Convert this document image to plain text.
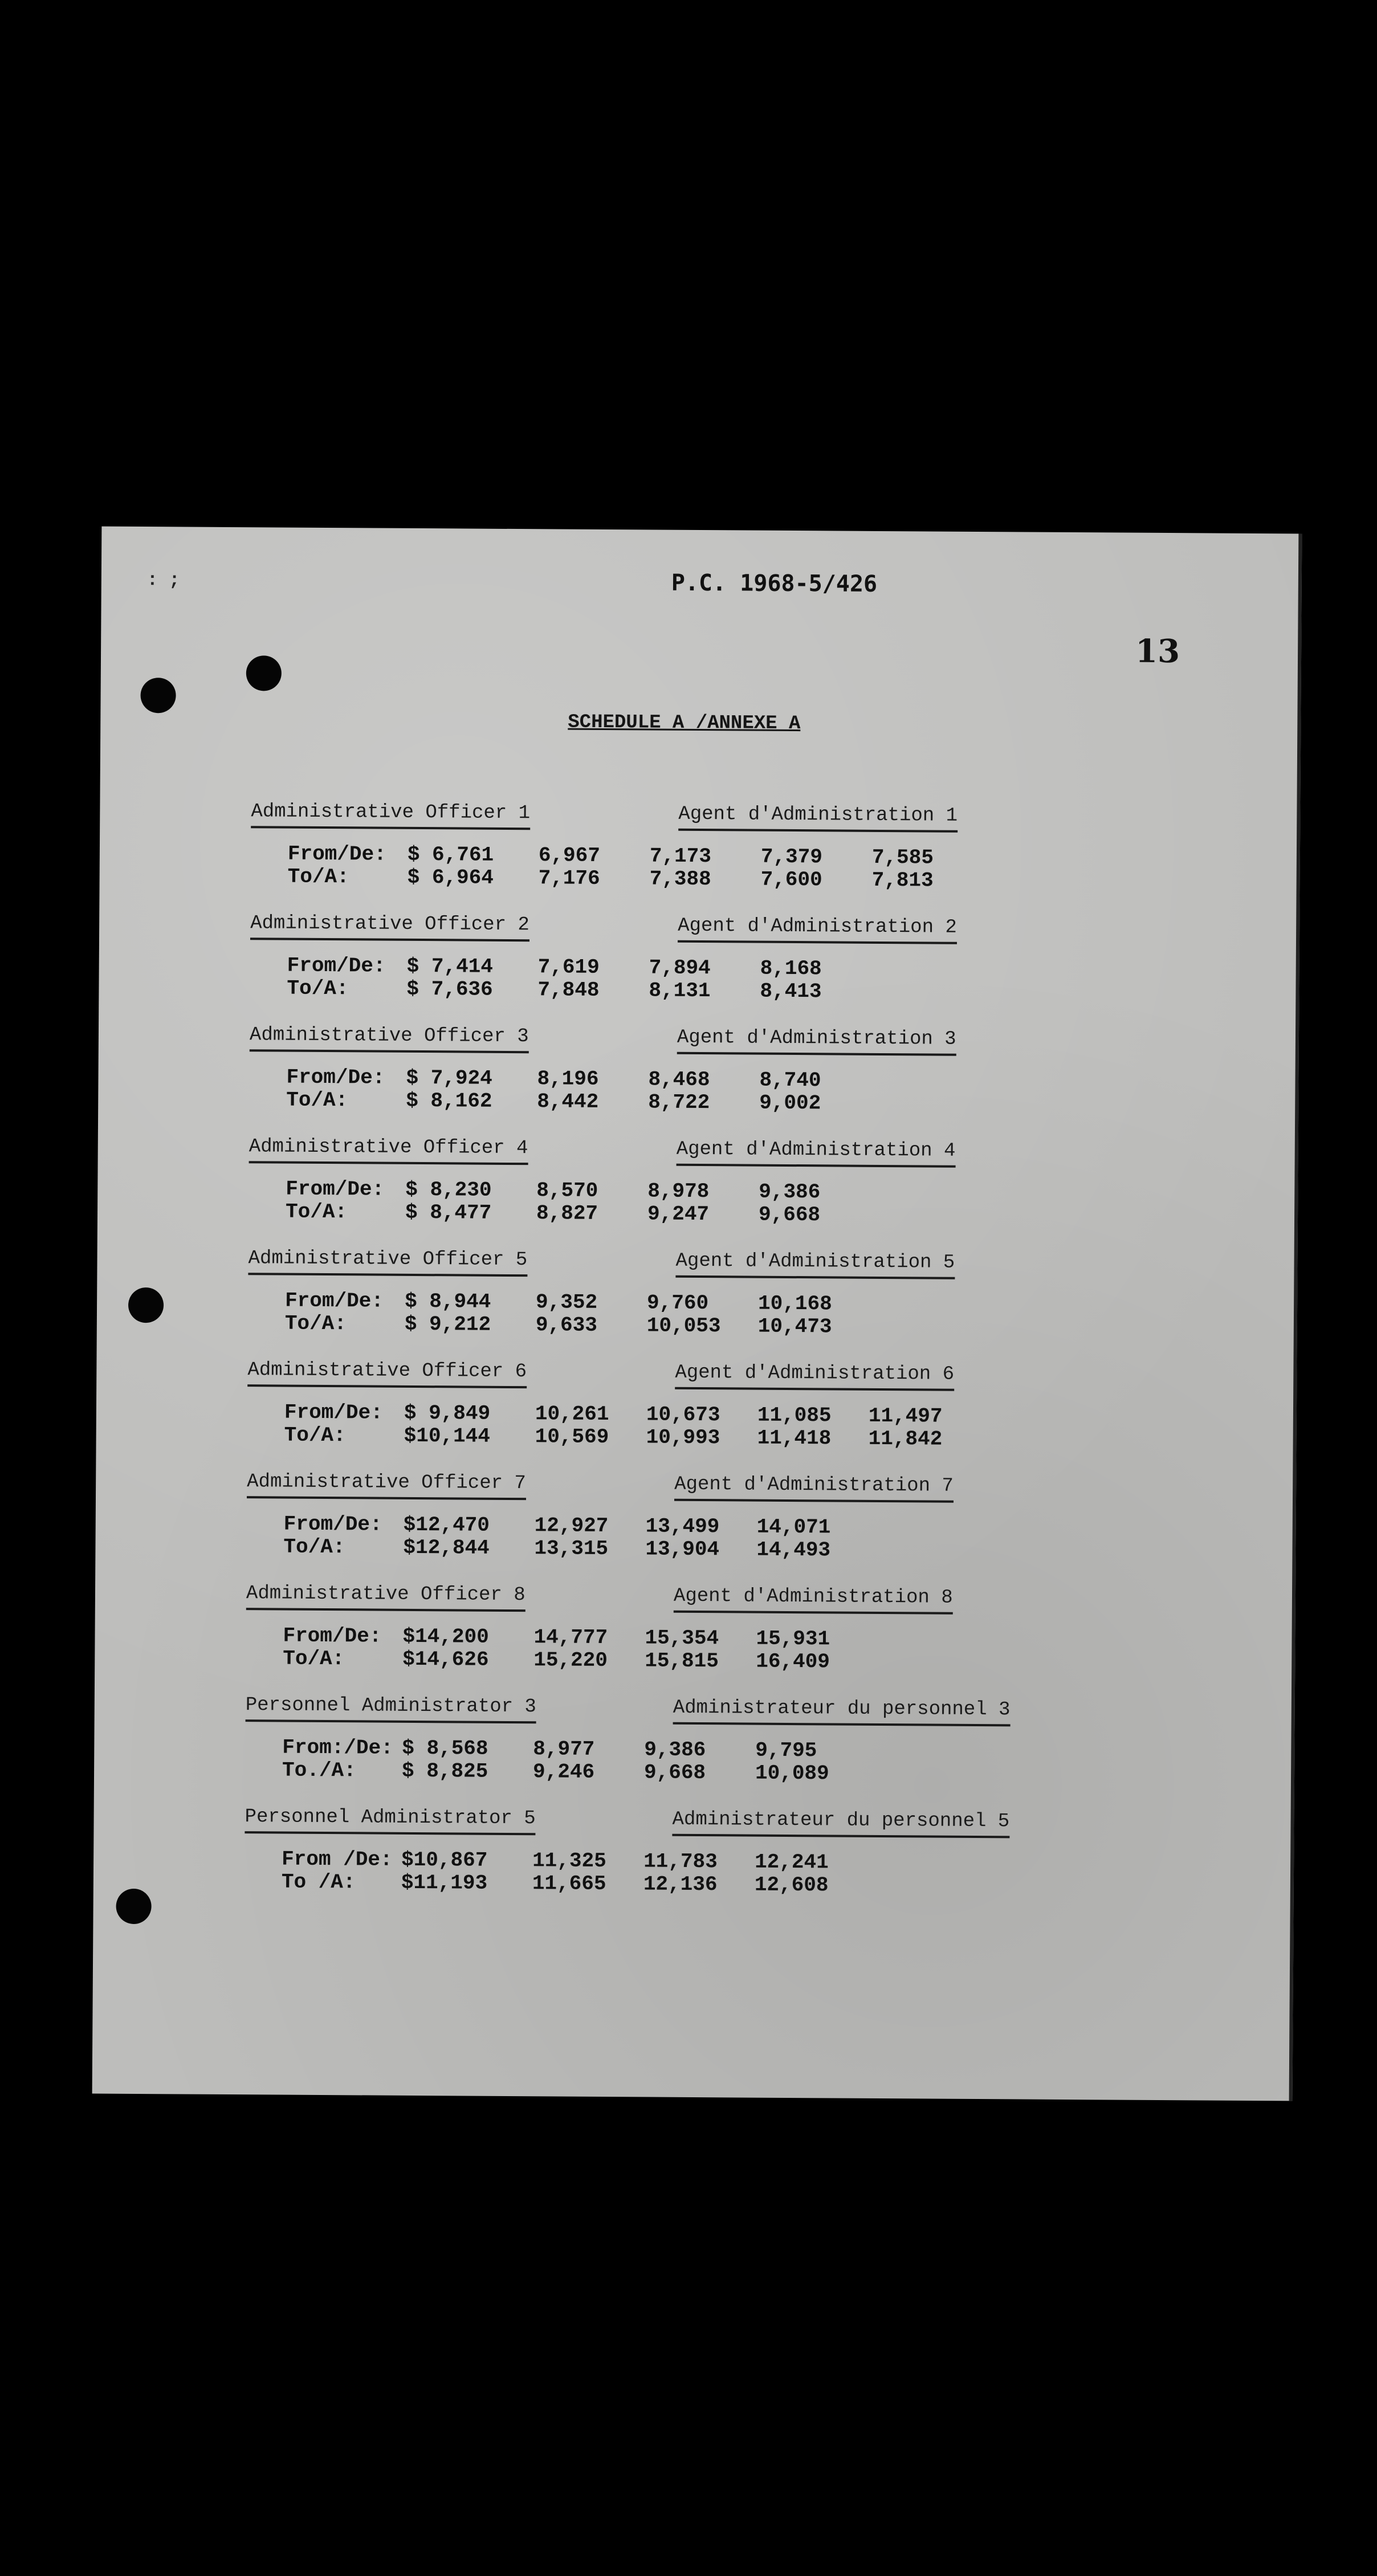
: ;	P.C. 1968-5/426
13
SCHEDULE A /ANNEXE A
Administrative Officer 1	Agent d'Administration 1
From/De: $ 6,761 6,967 7,173 7,379 7,585
To/A:	$ 6,964 7,176 7,388 7,600 7,813
Administrative Officer 2	Agent d'Administration 2
From/De: $ 7,414 7,619 7,894 8,168
To/A:	$ 7,636 7,848 8,131 8,413
Administrative Officer 3	Agent d'Administration 3
From/De: $ 7,924 8,196 8,468 8,740
To/A:	$ 8,162 8,442 8,722 9,002
Administrative Officer 4	Agent d'Administration 4
From/De: $ 8,230 8,570 8,978 9,386
To/A:	$ 8,477 8,827 9,247 9,668
Administrative Officer 5	Agent d'Administration 5
From/De: $ 8,944 9,352 9,760 10,168
To/A:	$ 9,212 9,633 10,053 10,473
Administrative Officer 6	Agent d'Administration 6
From/De: $ 9,849 10,261 10,673 11,085 11,497
To/A:	$10,144 10,569 10,993 11,418 11,842
Administrative Officer 7	Agent d'Administration 7
From/De: $12,470 12,927 13,499 14,071
To/A:	$12,844 13,315 13,904 14,493
Administrative Officer 8	Agent d'Administration 8
From/De: $14,200 14,777 15,354 15,931
To/A:	$14,626 15,220 15,815 16,409
Personnel Administrator 3	Administrateur du personnel 3
From:/De: $ 8,568 8,977 9,386 9,795
To./A: $ 8,825 9,246 9,668 10,089
Personnel Administrator 5	Administrateur du personnel 5
From /De: $10,867 11,325 11,783 12,241
To /A: $11,193 11,665 12,136 12,608
